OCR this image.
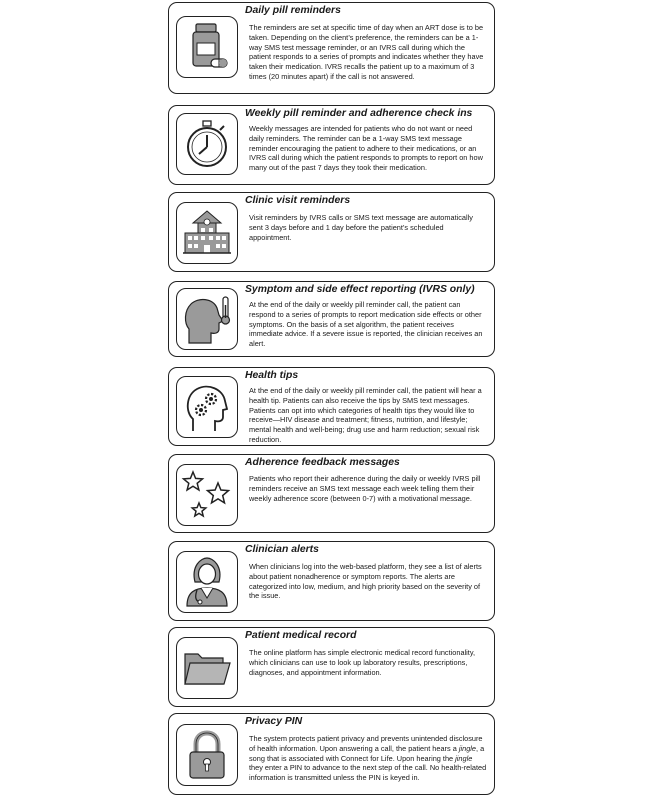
Daily pill reminders
The reminders are set at specific time of day when an ART dose is to be taken. Depending on the client’s preference, the reminders can be a 1-way SMS test message reminder, or an IVRS call during which the patient responds to a series of prompts and indicates whether they have taken their medication. IVRS recalls the patient up to a maximum of 3 times (20 minutes apart) if the call is not answered.
Weekly pill reminder and adherence check ins
Weekly messages are intended for patients who do not want or need daily reminders. The reminder can be a 1-way SMS text message reminder encouraging the patient to adhere to their medications, or an IVRS call during which the patient responds to prompts to report on how many out of the past 7 days they took their medication.
Clinic visit reminders
Visit reminders by IVRS calls or SMS text message are automatically sent 3 days before and 1 day before the patient’s scheduled appointment.
Symptom and side effect reporting (IVRS only)
At the end of the daily or weekly pill reminder call, the patient can respond to a series of prompts to report medication side effects or other symptoms. On the basis of a set algorithm, the patient receives immediate advice. If a severe issue is reported, the clinician receives an alert.
Health tips
At the end of the daily or weekly pill reminder call, the patient will hear a health tip. Patients can also receive the tips by SMS text messages. Patients can opt into which categories of health tips they would like to receive—HIV disease and treatment; fitness, nutrition, and lifestyle; mental health and well-being; drug use and harm reduction; sexual risk reduction.
Adherence feedback messages
Patients who report their adherence during the daily or weekly IVRS pill reminders receive an SMS text message each week telling them their weekly adherence score (between 0-7) with a motivational message.
Clinician alerts
When clinicians log into the web-based platform, they see a list of alerts about patient nonadherence or symptom reports. The alerts are categorized into low, medium, and high priority based on the severity of the issue.
Patient medical record
The online platform has simple electronic medical record functionality, which clinicians can use to look up laboratory results, prescriptions, diagnoses, and appointment information.
Privacy PIN
The system protects patient privacy and prevents unintended disclosure of health information. Upon answering a call, the patient hears a jingle, a song that is associated with Connect for Life. Upon hearing the jingle they enter a PIN to advance to the next step of the call. No health-related information is transmitted unless the PIN is keyed in.
